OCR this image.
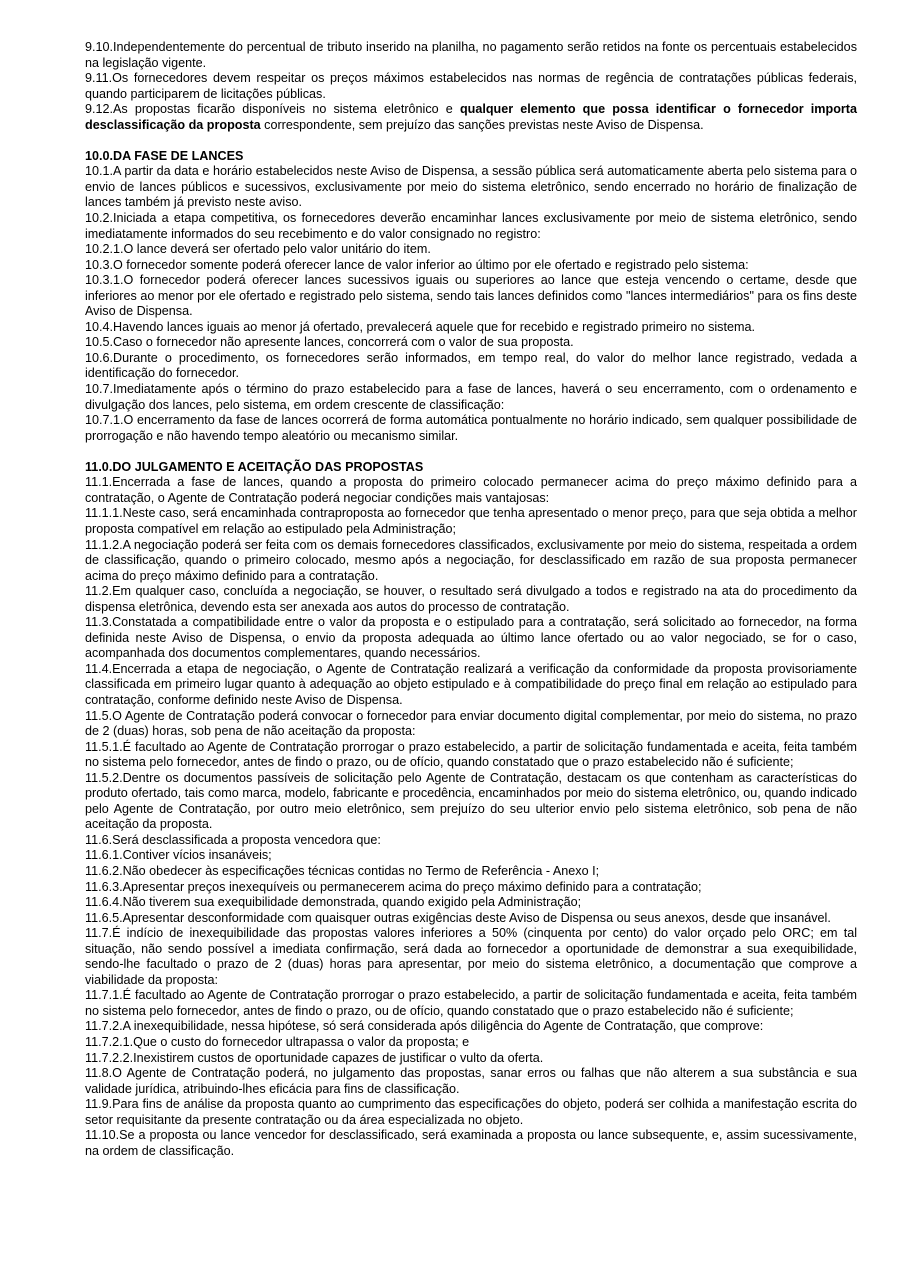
9.10.Independentemente do percentual de tributo inserido na planilha, no pagamento serão retidos na fonte os percentuais estabelecidos na legislação vigente.

9.11.Os fornecedores devem respeitar os preços máximos estabelecidos nas normas de regência de contratações públicas federais, quando participarem de licitações públicas.

9.12.As propostas ficarão disponíveis no sistema eletrônico e qualquer elemento que possa identificar o fornecedor importa desclassificação da proposta correspondente, sem prejuízo das sanções previstas neste Aviso de Dispensa.

10.0.DA FASE DE LANCES

10.1.A partir da data e horário estabelecidos neste Aviso de Dispensa, a sessão pública será automaticamente aberta pelo sistema para o envio de lances públicos e sucessivos, exclusivamente por meio do sistema eletrônico, sendo encerrado no horário de finalização de lances também já previsto neste aviso.

10.2.Iniciada a etapa competitiva, os fornecedores deverão encaminhar lances exclusivamente por meio de sistema eletrônico, sendo imediatamente informados do seu recebimento e do valor consignado no registro:

10.2.1.O lance deverá ser ofertado pelo valor unitário do item.

10.3.O fornecedor somente poderá oferecer lance de valor inferior ao último por ele ofertado e registrado pelo sistema:

10.3.1.O fornecedor poderá oferecer lances sucessivos iguais ou superiores ao lance que esteja vencendo o certame, desde que inferiores ao menor por ele ofertado e registrado pelo sistema, sendo tais lances definidos como "lances intermediários" para os fins deste Aviso de Dispensa.

10.4.Havendo lances iguais ao menor já ofertado, prevalecerá aquele que for recebido e registrado primeiro no sistema.

10.5.Caso o fornecedor não apresente lances, concorrerá com o valor de sua proposta.

10.6.Durante o procedimento, os fornecedores serão informados, em tempo real, do valor do melhor lance registrado, vedada a identificação do fornecedor.

10.7.Imediatamente após o término do prazo estabelecido para a fase de lances, haverá o seu encerramento, com o ordenamento e divulgação dos lances, pelo sistema, em ordem crescente de classificação:

10.7.1.O encerramento da fase de lances ocorrerá de forma automática pontualmente no horário indicado, sem qualquer possibilidade de prorrogação e não havendo tempo aleatório ou mecanismo similar.

11.0.DO JULGAMENTO E ACEITAÇÃO DAS PROPOSTAS

11.1.Encerrada a fase de lances, quando a proposta do primeiro colocado permanecer acima do preço máximo definido para a contratação, o Agente de Contratação poderá negociar condições mais vantajosas:

11.1.1.Neste caso, será encaminhada contraproposta ao fornecedor que tenha apresentado o menor preço, para que seja obtida a melhor proposta compatível em relação ao estipulado pela Administração;

11.1.2.A negociação poderá ser feita com os demais fornecedores classificados, exclusivamente por meio do sistema, respeitada a ordem de classificação, quando o primeiro colocado, mesmo após a negociação, for desclassificado em razão de sua proposta permanecer acima do preço máximo definido para a contratação.

11.2.Em qualquer caso, concluída a negociação, se houver, o resultado será divulgado a todos e registrado na ata do procedimento da dispensa eletrônica, devendo esta ser anexada aos autos do processo de contratação.

11.3.Constatada a compatibilidade entre o valor da proposta e o estipulado para a contratação, será solicitado ao fornecedor, na forma definida neste Aviso de Dispensa, o envio da proposta adequada ao último lance ofertado ou ao valor negociado, se for o caso, acompanhada dos documentos complementares, quando necessários.

11.4.Encerrada a etapa de negociação, o Agente de Contratação realizará a verificação da conformidade da proposta provisoriamente classificada em primeiro lugar quanto à adequação ao objeto estipulado e à compatibilidade do preço final em relação ao estipulado para contratação, conforme definido neste Aviso de Dispensa.

11.5.O Agente de Contratação poderá convocar o fornecedor para enviar documento digital complementar, por meio do sistema, no prazo de 2 (duas) horas, sob pena de não aceitação da proposta:

11.5.1.É facultado ao Agente de Contratação prorrogar o prazo estabelecido, a partir de solicitação fundamentada e aceita, feita também no sistema pelo fornecedor, antes de findo o prazo, ou de ofício, quando constatado que o prazo estabelecido não é suficiente;

11.5.2.Dentre os documentos passíveis de solicitação pelo Agente de Contratação, destacam os que contenham as características do produto ofertado, tais como marca, modelo, fabricante e procedência, encaminhados por meio do sistema eletrônico, ou, quando indicado pelo Agente de Contratação, por outro meio eletrônico, sem prejuízo do seu ulterior envio pelo sistema eletrônico, sob pena de não aceitação da proposta.

11.6.Será desclassificada a proposta vencedora que:

11.6.1.Contiver vícios insanáveis;

11.6.2.Não obedecer às especificações técnicas contidas no Termo de Referência - Anexo I;

11.6.3.Apresentar preços inexequíveis ou permanecerem acima do preço máximo definido para a contratação;

11.6.4.Não tiverem sua exequibilidade demonstrada, quando exigido pela Administração;

11.6.5.Apresentar desconformidade com quaisquer outras exigências deste Aviso de Dispensa ou seus anexos, desde que insanável.

11.7.É indício de inexequibilidade das propostas valores inferiores a 50% (cinquenta por cento) do valor orçado pelo ORC; em tal situação, não sendo possível a imediata confirmação, será dada ao fornecedor a oportunidade de demonstrar a sua exequibilidade, sendo-lhe facultado o prazo de 2 (duas) horas para apresentar, por meio do sistema eletrônico, a documentação que comprove a viabilidade da proposta:

11.7.1.É facultado ao Agente de Contratação prorrogar o prazo estabelecido, a partir de solicitação fundamentada e aceita, feita também no sistema pelo fornecedor, antes de findo o prazo, ou de ofício, quando constatado que o prazo estabelecido não é suficiente;

11.7.2.A inexequibilidade, nessa hipótese, só será considerada após diligência do Agente de Contratação, que comprove:

11.7.2.1.Que o custo do fornecedor ultrapassa o valor da proposta; e

11.7.2.2.Inexistirem custos de oportunidade capazes de justificar o vulto da oferta.

11.8.O Agente de Contratação poderá, no julgamento das propostas, sanar erros ou falhas que não alterem a sua substância e sua validade jurídica, atribuindo-lhes eficácia para fins de classificação.

11.9.Para fins de análise da proposta quanto ao cumprimento das especificações do objeto, poderá ser colhida a manifestação escrita do setor requisitante da presente contratação ou da área especializada no objeto.

11.10.Se a proposta ou lance vencedor for desclassificado, será examinada a proposta ou lance subsequente, e, assim sucessivamente, na ordem de classificação.
